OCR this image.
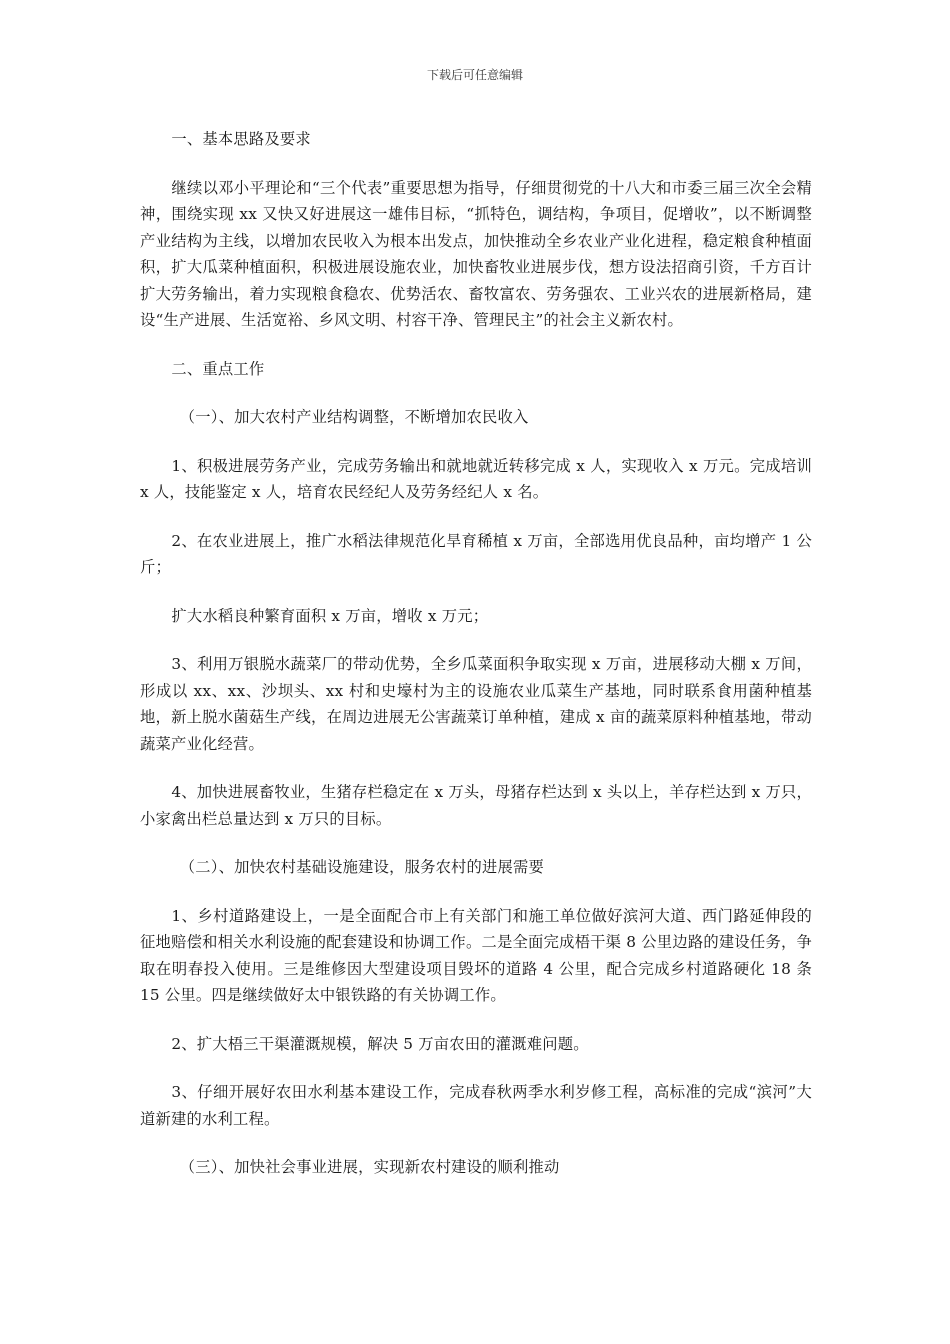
下载后可任意编辑

一、基本思路及要求

继续以邓小平理论和“三个代表”重要思想为指导，仔细贯彻党的十八大和市委三届三次全会精神，围绕实现 xx 又快又好进展这一雄伟目标，“抓特色，调结构，争项目，促增收”，以不断调整产业结构为主线，以增加农民收入为根本出发点，加快推动全乡农业产业化进程，稳定粮食种植面积，扩大瓜菜种植面积，积极进展设施农业，加快畜牧业进展步伐，想方设法招商引资，千方百计扩大劳务输出，着力实现粮食稳农、优势活农、畜牧富农、劳务强农、工业兴农的进展新格局，建设“生产进展、生活宽裕、乡风文明、村容干净、管理民主”的社会主义新农村。

二、重点工作

（一）、加大农村产业结构调整，不断增加农民收入

1、积极进展劳务产业，完成劳务输出和就地就近转移完成 x 人，实现收入 x 万元。完成培训 x 人，技能鉴定 x 人，培育农民经纪人及劳务经纪人 x 名。

2、在农业进展上，推广水稻法律规范化旱育稀植 x 万亩，全部选用优良品种，亩均增产 1 公斤；

扩大水稻良种繁育面积 x 万亩，增收 x 万元；

3、利用万银脱水蔬菜厂的带动优势，全乡瓜菜面积争取实现 x 万亩，进展移动大棚 x 万间，形成以 xx、xx、沙坝头、xx 村和史壕村为主的设施农业瓜菜生产基地，同时联系食用菌种植基地，新上脱水菌菇生产线，在周边进展无公害蔬菜订单种植，建成 x 亩的蔬菜原料种植基地，带动蔬菜产业化经营。

4、加快进展畜牧业，生猪存栏稳定在 x 万头，母猪存栏达到 x 头以上，羊存栏达到 x 万只，小家禽出栏总量达到 x 万只的目标。

（二）、加快农村基础设施建设，服务农村的进展需要

1、乡村道路建设上，一是全面配合市上有关部门和施工单位做好滨河大道、西门路延伸段的征地赔偿和相关水利设施的配套建设和协调工作。二是全面完成梧干渠 8 公里边路的建设任务，争取在明春投入使用。三是维修因大型建设项目毁坏的道路 4 公里，配合完成乡村道路硬化 18 条 15 公里。四是继续做好太中银铁路的有关协调工作。

2、扩大梧三干渠灌溉规模，解决 5 万亩农田的灌溉难问题。

3、仔细开展好农田水利基本建设工作，完成春秋两季水利岁修工程，高标准的完成“滨河”大道新建的水利工程。

（三）、加快社会事业进展，实现新农村建设的顺利推动
